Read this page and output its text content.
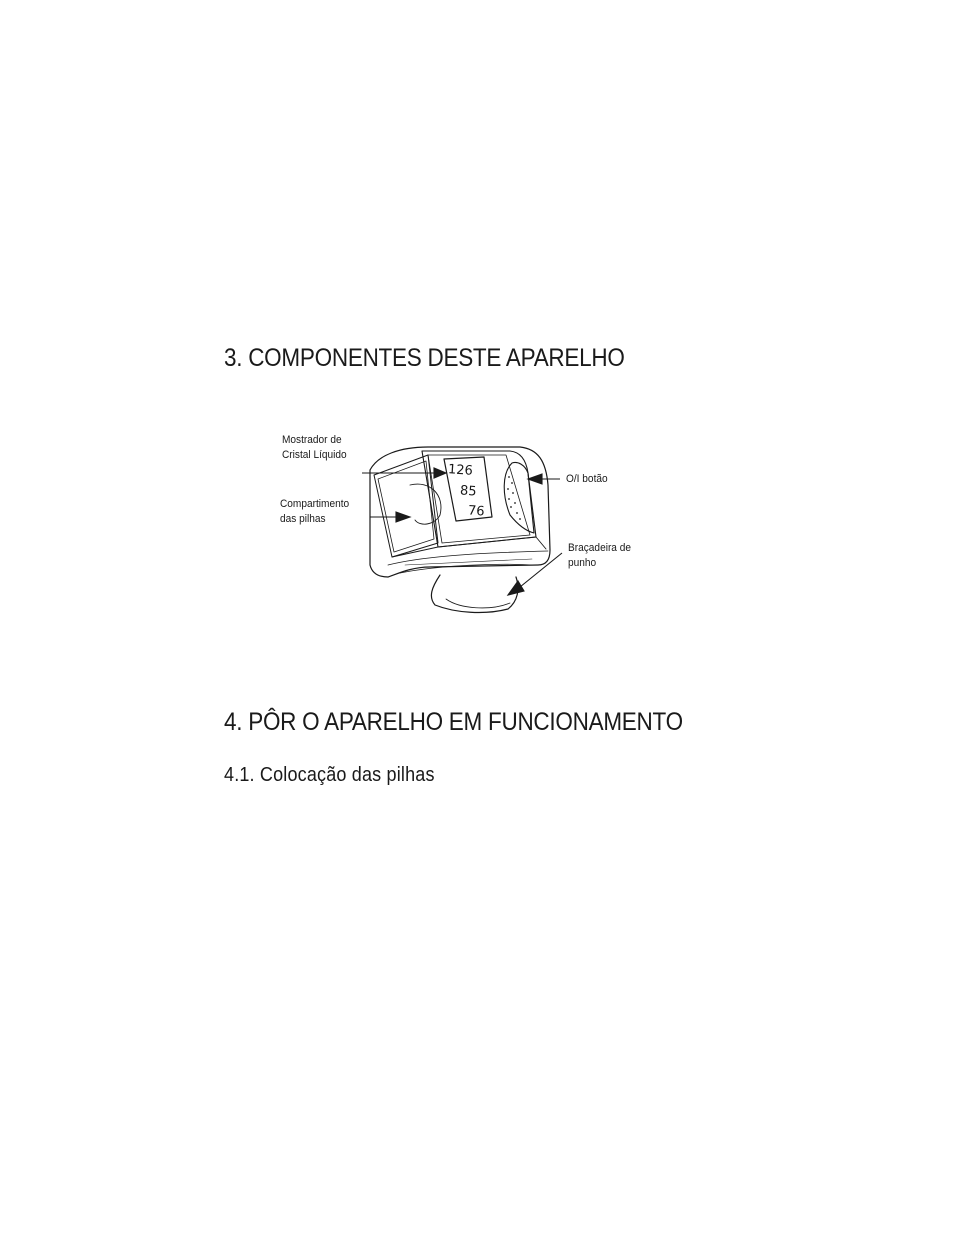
3. COMPONENTES DESTE APARELHO
126
85
76
Mostrador de
Cristal Líquido
Compartimento
das pilhas
O/I botão
Braçadeira de
punho
4. PÔR O APARELHO EM FUNCIONAMENTO
4.1. Colocação das pilhas
